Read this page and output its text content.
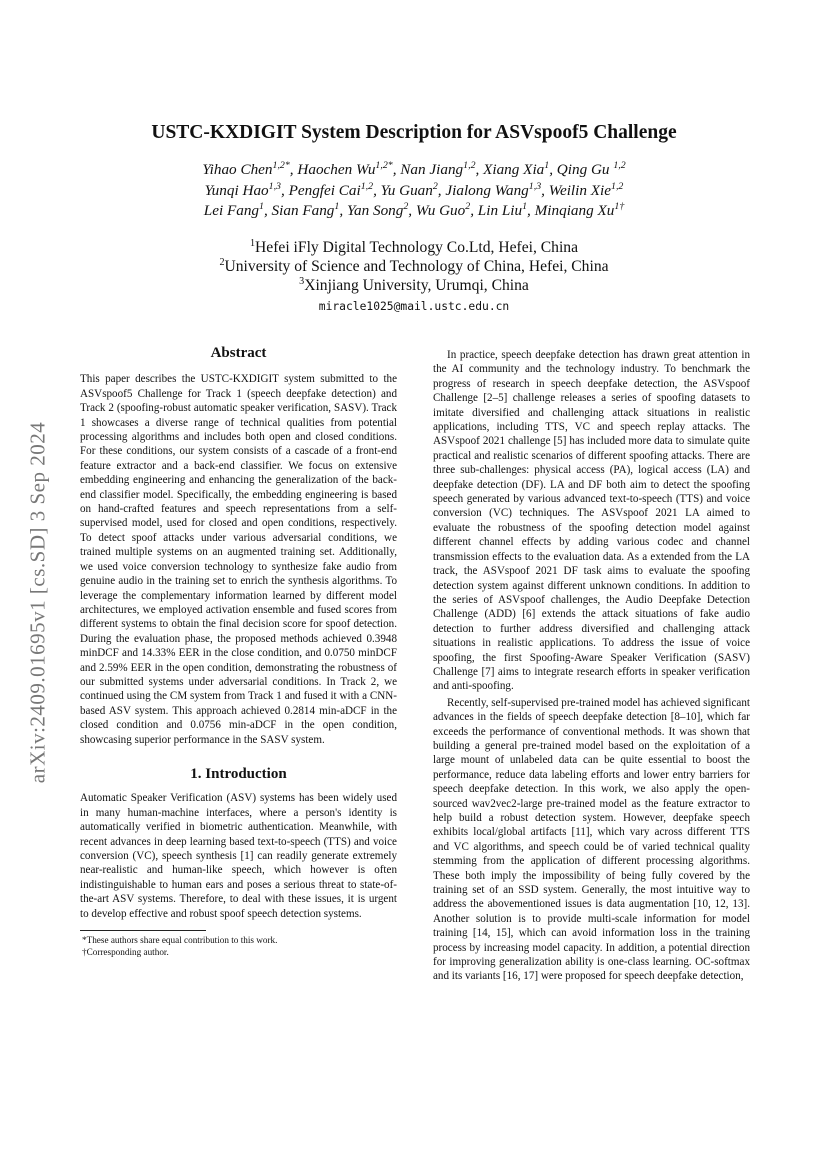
arXiv:2409.01695v1 [cs.SD] 3 Sep 2024
USTC-KXDIGIT System Description for ASVspoof5 Challenge
Yihao Chen$^{1,2*}$, Haochen $Wu^{1,2*}$, Nan Jiang$^{1,2}$, Xiang Xia$^1$, Qing Gu $^{1,2}$
Yunqi Hao$^{1,3}$, Pengfei Cai$^{1,2}$, Yu Guan$^2$, Jialong Wang$^{1,3}$, Weilin Xie$^{1,2}$
Lei Fang$^1$, Sian Fang$^1$, Yan Song$^2$, Wu Guo$^2$, Lin Liu$^1$, Minqiang $Xu^{1\dagger}$
$^1$Hefei iFly Digital Technology Co.Ltd, Hefei, China
$^2$University of Science and Technology of China, Hefei, China
$^3$Xinjiang University, Urumqi, China
miracle1025@mail.ustc.edu.cn
Abstract

This paper describes the USTC-KXDIGIT system submitted to the ASVspoof5 Challenge for Track 1 (speech deepfake detection) and Track 2 (spoofing-robust automatic speaker verification, SASV). Track 1 showcases a diverse range of technical qualities from potential processing algorithms and includes both open and closed conditions. For these conditions, our system consists of a cascade of a front-end feature extractor and a back-end classifier. We focus on extensive embedding engineering and enhancing the generalization of the back-end classifier model. Specifically, the embedding engineering is based on hand-crafted features and speech representations from a self-supervised model, used for closed and open conditions, respectively. To detect spoof attacks under various adversarial conditions, we trained multiple systems on an augmented training set. Additionally, we used voice conversion technology to synthesize fake audio from genuine audio in the training set to enrich the synthesis algorithms. To leverage the complementary information learned by different model architectures, we employed activation ensemble and fused scores from different systems to obtain the final decision score for spoof detection. During the evaluation phase, the proposed methods achieved 0.3948 minDCF and 14.33% EER in the close condition, and 0.0750 minDCF and 2.59% EER in the open condition, demonstrating the robustness of our submitted systems under adversarial conditions. In Track 2, we continued using the CM system from Track 1 and fused it with a CNN-based ASV system. This approach achieved 0.2814 min-aDCF in the closed condition and 0.0756 min-aDCF in the open condition, showcasing superior performance in the SASV system.

1. Introduction

Automatic Speaker Verification (ASV) systems has been widely used in many human-machine interfaces, where a person's identity is automatically verified in biometric authentication. Meanwhile, with recent advances in deep learning based text-to-speech (TTS) and voice conversion (VC), speech synthesis [1] can readily generate extremely near-realistic and human-like speech, which however is often indistinguishable to human ears and poses a serious threat to state-of-the-art ASV systems. Therefore, to deal with these issues, it is urgent to develop effective and robust spoof speech detection systems.

*These authors share equal contribution to this work.
†Corresponding author.

In practice, speech deepfake detection has drawn great attention in the AI community and the technology industry. To benchmark the progress of research in speech deepfake detection, the ASVspoof Challenge [2–5] challenge releases a series of spoofing datasets to imitate diversified and challenging attack situations in realistic applications, including TTS, VC and speech replay attacks. The ASVspoof 2021 challenge [5] has included more data to simulate quite practical and realistic scenarios of different spoofing attacks. There are three sub-challenges: physical access (PA), logical access (LA) and deepfake detection (DF). LA and DF both aim to detect the spoofing speech generated by various advanced text-to-speech (TTS) and voice conversion (VC) techniques. The ASVspoof 2021 LA aimed to evaluate the robustness of the spoofing detection model against different channel effects by adding various codec and channel transmission effects to the evaluation data. As a extended from the LA track, the ASVspoof 2021 DF task aims to evaluate the spoofing detection system against different unknown conditions. In addition to the series of ASVspoof challenges, the Audio Deepfake Detection Challenge (ADD) [6] extends the attack situations of fake audio detection to further address diversified and challenging attack situations in realistic applications. To address the issue of voice spoofing, the first Spoofing-Aware Speaker Verification (SASV) Challenge [7] aims to integrate research efforts in speaker verification and anti-spoofing.

Recently, self-supervised pre-trained model has achieved significant advances in the fields of speech deepfake detection [8–10], which far exceeds the performance of conventional methods. It was shown that building a general pre-trained model based on the exploitation of a large mount of unlabeled data can be quite essential to boost the performance, reduce data labeling efforts and lower entry barriers for speech deepfake detection. In this work, we also apply the open-sourced wav2vec2-large pre-trained model as the feature extractor to help build a robust detection system. However, deepfake speech exhibits local/global artifacts [11], which vary across different TTS and VC algorithms, and speech could be of varied technical quality stemming from the application of different processing algorithms. These both imply the impossibility of being fully covered by the training set of an SSD system. Generally, the most intuitive way to address the abovementioned issues is data augmentation [10, 12, 13]. Another solution is to provide multi-scale information for model training [14, 15], which can avoid information loss in the training process by increasing model capacity. In addition, a potential direction for improving generalization ability is one-class learning. OC-softmax and its variants [16, 17] were proposed for speech deepfake detection,
